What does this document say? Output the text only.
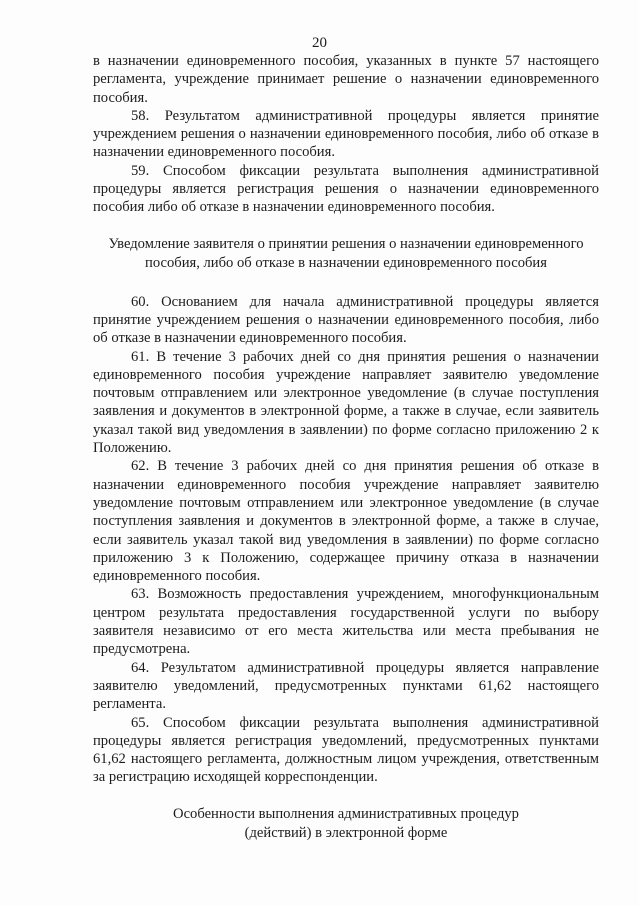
20

в назначении единовременного пособия, указанных в пункте 57 настоящего регламента, учреждение принимает решение о назначении единовременного пособия.

58. Результатом административной процедуры является принятие учреждением решения о назначении единовременного пособия, либо об отказе в назначении единовременного пособия.

59. Способом фиксации результата выполнения административной процедуры является регистрация решения о назначении единовременного пособия либо об отказе в назначении единовременного пособия.

Уведомление заявителя о принятии решения о назначении единовременного
пособия, либо об отказе в назначении единовременного пособия

60. Основанием для начала административной процедуры является принятие учреждением решения о назначении единовременного пособия, либо об отказе в назначении единовременного пособия.

61. В течение 3 рабочих дней со дня принятия решения о назначении единовременного пособия учреждение направляет заявителю уведомление почтовым отправлением или электронное уведомление (в случае поступления заявления и документов в электронной форме, а также в случае, если заявитель указал такой вид уведомления в заявлении) по форме согласно приложению 2 к Положению.

62. В течение 3 рабочих дней со дня принятия решения об отказе в назначении единовременного пособия учреждение направляет заявителю уведомление почтовым отправлением или электронное уведомление (в случае поступления заявления и документов в электронной форме, а также в случае, если заявитель указал такой вид уведомления в заявлении) по форме согласно приложению 3 к Положению, содержащее причину отказа в назначении единовременного пособия.

63. Возможность предоставления учреждением, многофункциональным центром результата предоставления государственной услуги по выбору заявителя независимо от его места жительства или места пребывания не предусмотрена.

64. Результатом административной процедуры является направление заявителю уведомлений, предусмотренных пунктами 61,62 настоящего регламента.

65. Способом фиксации результата выполнения административной процедуры является регистрация уведомлений, предусмотренных пунктами 61,62 настоящего регламента, должностным лицом учреждения, ответственным за регистрацию исходящей корреспонденции.

Особенности выполнения административных процедур
(действий) в электронной форме
